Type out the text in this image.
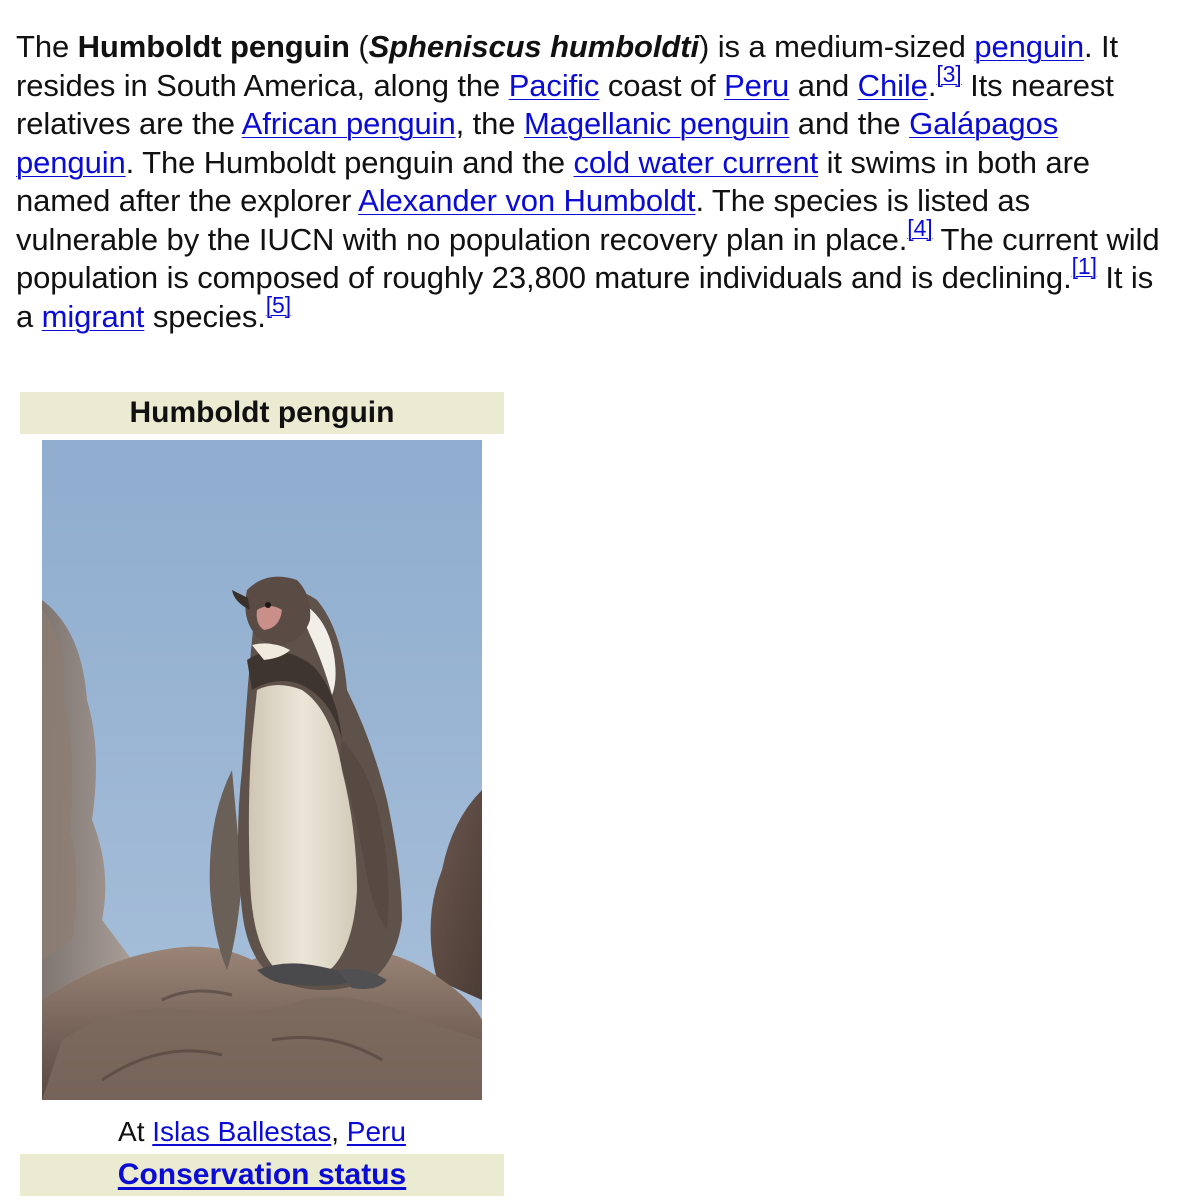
The Humboldt penguin (Spheniscus humboldti) is a medium-sized penguin. It resides in South America, along the Pacific coast of Peru and Chile.[3] Its nearest relatives are the African penguin, the Magellanic penguin and the Galápagos penguin. The Humboldt penguin and the cold water current it swims in both are named after the explorer Alexander von Humboldt. The species is listed as vulnerable by the IUCN with no population recovery plan in place.[4] The current wild population is composed of roughly 23,800 mature individuals and is declining.[1] It is a migrant species.[5]
Humboldt penguin
At Islas Ballestas, Peru
Conservation status
